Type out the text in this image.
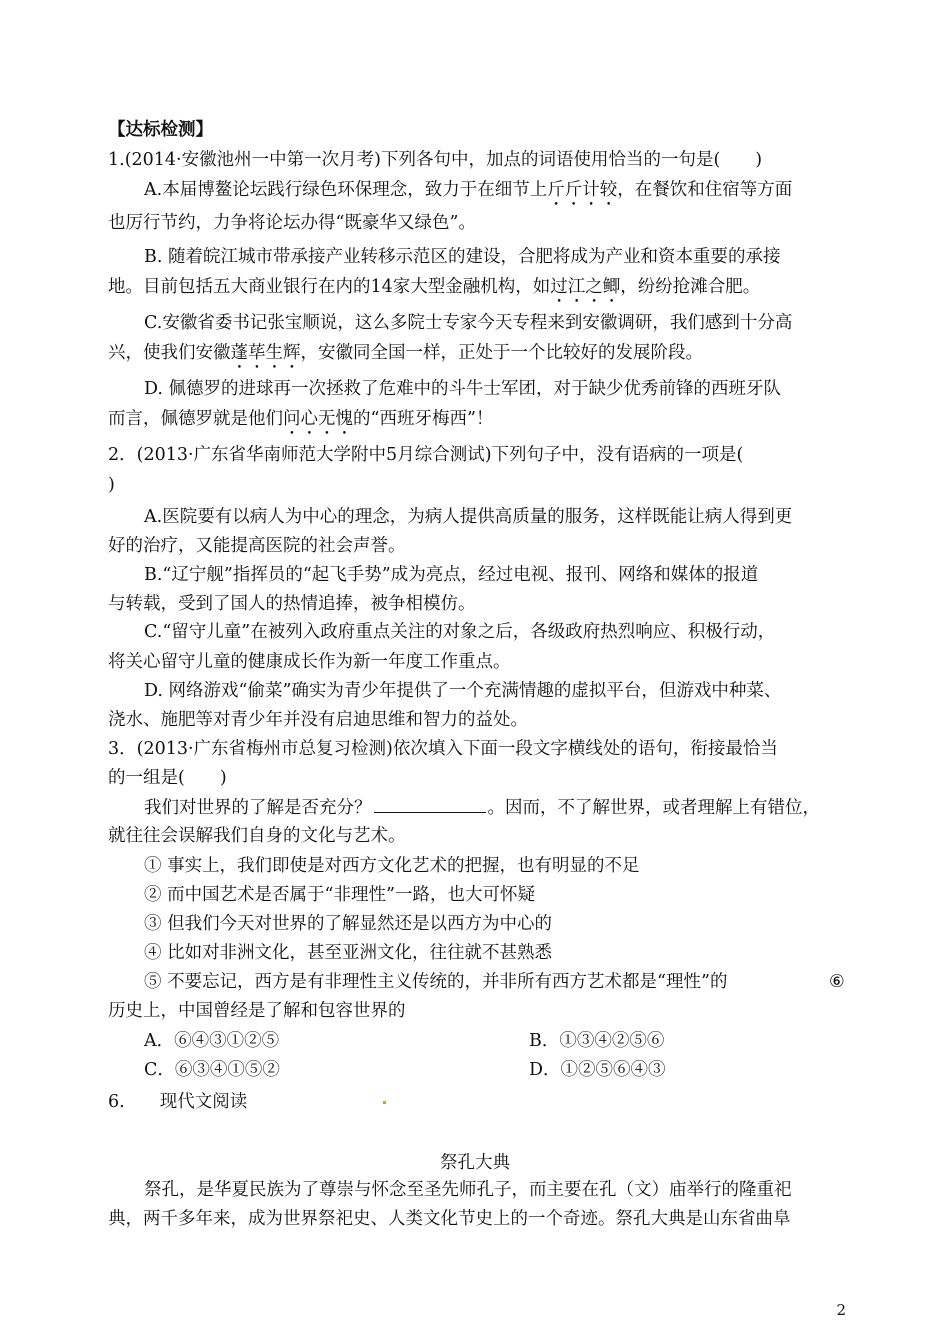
【达标检测】
1.(2014·安徽池州一中第一次月考)下列各句中，加点的词语使用恰当的一句是(　　)
A.本届博鳌论坛践行绿色环保理念，致力于在细节上斤斤计较，在餐饮和住宿等方面
也厉行节约，力争将论坛办得“既豪华又绿色”。
B. 随着皖江城市带承接产业转移示范区的建设，合肥将成为产业和资本重要的承接
地。目前包括五大商业银行在内的14家大型金融机构，如过江之鲫，纷纷抢滩合肥。
C.安徽省委书记张宝顺说，这么多院士专家今天专程来到安徽调研，我们感到十分高
兴，使我们安徽蓬荜生辉，安徽同全国一样，正处于一个比较好的发展阶段。
D. 佩德罗的进球再一次拯救了危难中的斗牛士军团，对于缺少优秀前锋的西班牙队
而言，佩德罗就是他们问心无愧的“西班牙梅西”！
2．(2013·广东省华南师范大学附中5月综合测试)下列句子中，没有语病的一项是(
)
A.医院要有以病人为中心的理念，为病人提供高质量的服务，这样既能让病人得到更
好的治疗，又能提高医院的社会声誉。
B.“辽宁舰”指挥员的“起飞手势”成为亮点，经过电视、报刊、网络和媒体的报道
与转载，受到了国人的热情追捧，被争相模仿。
C.“留守儿童”在被列入政府重点关注的对象之后，各级政府热烈响应、积极行动，
将关心留守儿童的健康成长作为新一年度工作重点。
D. 网络游戏“偷菜”确实为青少年提供了一个充满情趣的虚拟平台，但游戏中种菜、
浇水、施肥等对青少年并没有启迪思维和智力的益处。
3．(2013·广东省梅州市总复习检测)依次填入下面一段文字横线处的语句，衔接最恰当
的一组是(　　)
我们对世界的了解是否充分？	。因而，不了解世界，或者理解上有错位，
就往往会误解我们自身的文化与艺术。
① 事实上，我们即使是对西方文化艺术的把握，也有明显的不足
② 而中国艺术是否属于“非理性”一路，也大可怀疑
③ 但我们今天对世界的了解显然还是以西方为中心的
④ 比如对非洲文化，甚至亚洲文化，往往就不甚熟悉
⑤ 不要忘记，西方是有非理性主义传统的，并非所有西方艺术都是“理性”的	⑥
历史上，中国曾经是了解和包容世界的
A．⑥④③①②⑤	B．①③④②⑤⑥
C．⑥③④①⑤②	D．①②⑤⑥④③
6.　　现代文阅读
祭孔大典
祭孔，是华夏民族为了尊崇与怀念至圣先师孔子，而主要在孔（文）庙举行的隆重祀
典，两千多年来，成为世界祭祀史、人类文化节史上的一个奇迹。祭孔大典是山东省曲阜
2
